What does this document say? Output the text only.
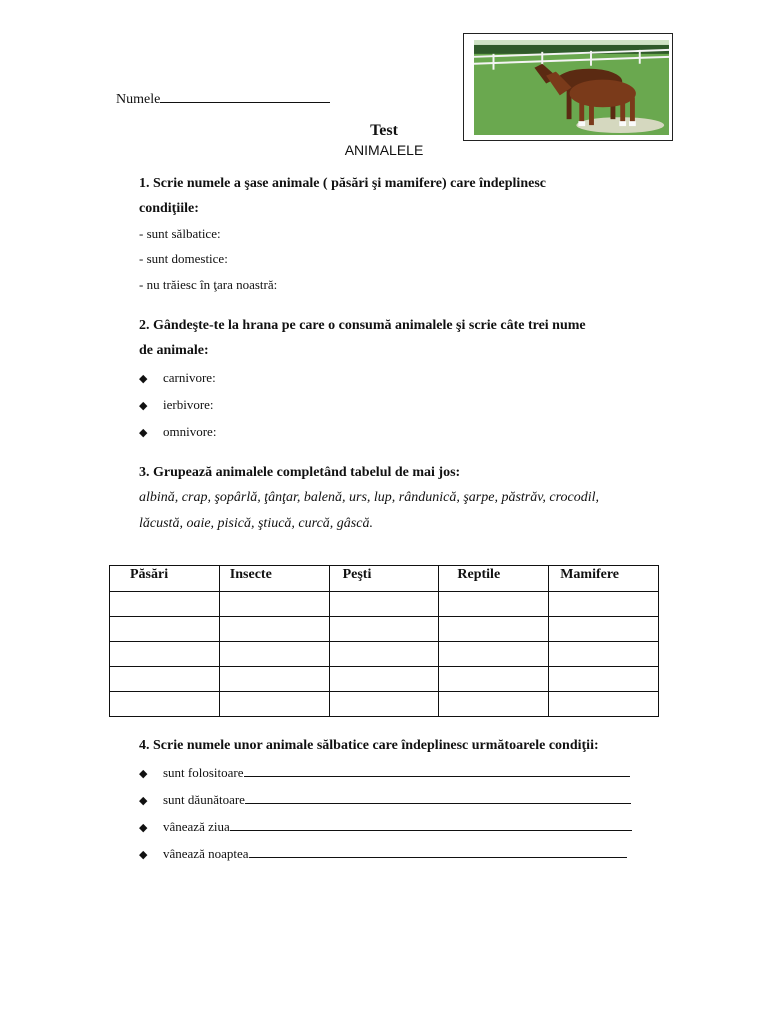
Numele
Test
ANIMALELE
1. Scrie numele a şase animale ( păsări şi mamifere) care îndeplinesc
condiţiile:
- sunt sălbatice:
- sunt domestice:
- nu trăiesc în ţara noastră:
2. Gândeşte-te la hrana pe care o consumă animalele şi scrie câte trei nume
de animale:
◆ carnivore:
◆ ierbivore:
◆ omnivore:
3. Grupează animalele completând tabelul de mai jos:
albină, crap, şopârlă, ţânţar, balenă, urs, lup, rândunică, şarpe, păstrăv, crocodil,
lăcustă, oaie, pisică, ştiucă, curcă, gâscă.
Păsări	Insecte	Peşti	Reptile	Mamifere

4. Scrie numele unor animale sălbatice care îndeplinesc următoarele condiţii:
◆ sunt folositoare
◆ sunt dăunătoare
◆ vânează ziua
◆ vânează noaptea
